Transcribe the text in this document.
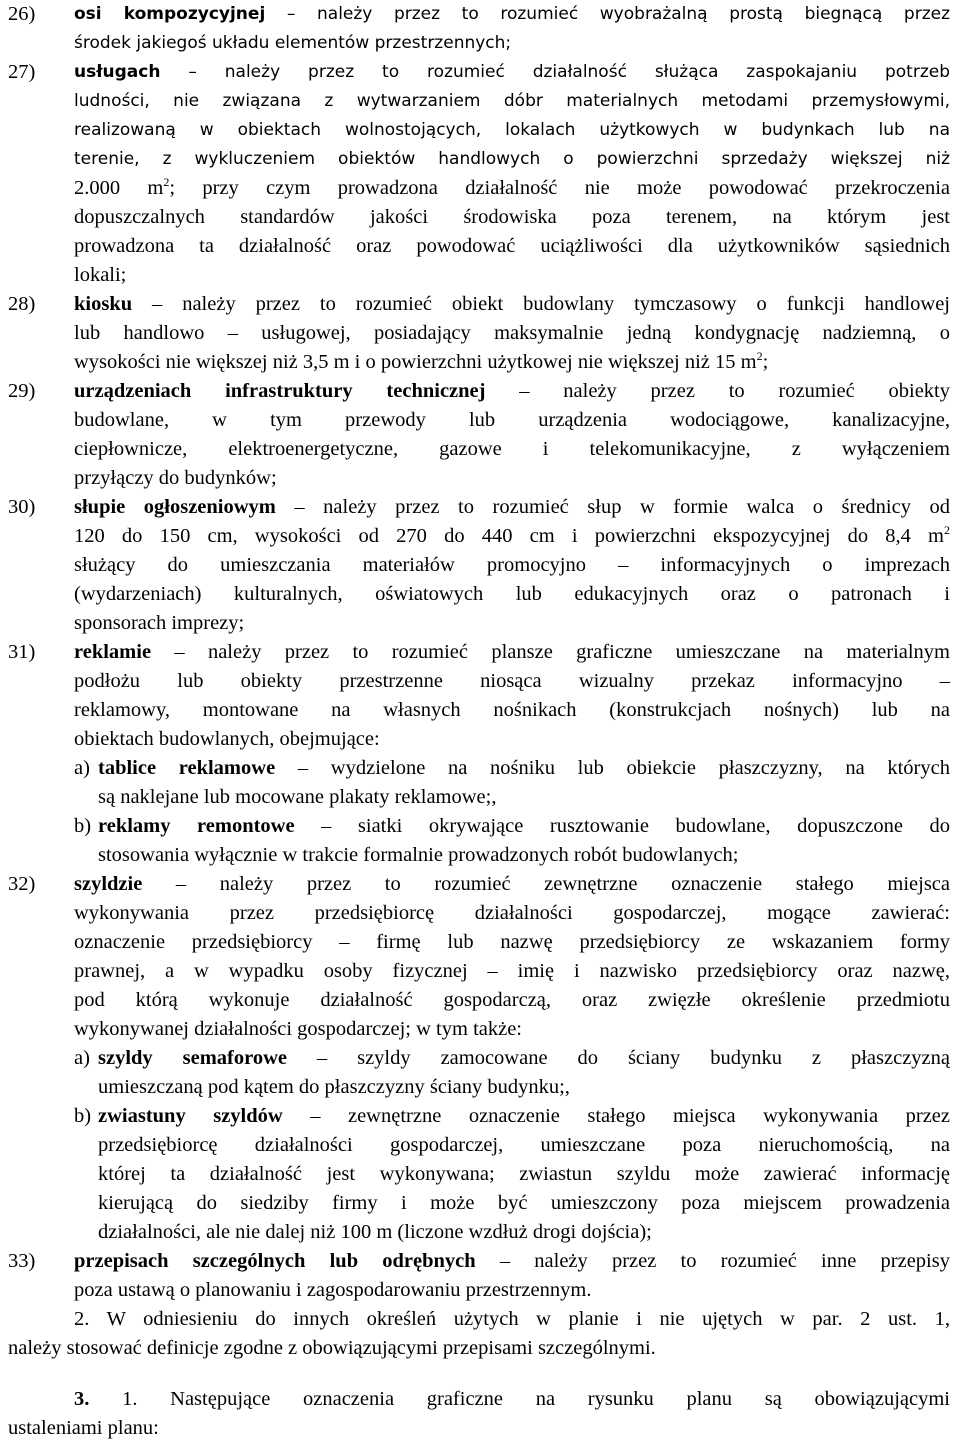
26) osi kompozycyjnej – należy przez to rozumieć wyobrażalną prostą biegnącą przez
środek jakiegoś układu elementów przestrzennych;
27) usługach – należy przez to rozumieć działalność służąca zaspokajaniu potrzeb
ludności, nie związana z wytwarzaniem dóbr materialnych metodami przemysłowymi,
realizowaną w obiektach wolnostojących, lokalach użytkowych w budynkach lub na
terenie, z wykluczeniem obiektów handlowych o powierzchni sprzedaży większej niż
2.000 $m^2$; przy czym prowadzona działalność nie może powodować przekroczenia
dopuszczalnych standardów jakości środowiska poza terenem, na którym jest
prowadzona ta działalność oraz powodować uciążliwości dla użytkowników sąsiednich
lokali;
28) kiosku – należy przez to rozumieć obiekt budowlany tymczasowy o funkcji handlowej
lub handlowo – usługowej, posiadający maksymalnie jedną kondygnację nadziemną, o
wysokości nie większej niż 3,5 m i o powierzchni użytkowej nie większej niż 15 $m^2$;
29) urządzeniach infrastruktury technicznej – należy przez to rozumieć obiekty
budowlane, w tym przewody lub urządzenia wodociągowe, kanalizacyjne,
ciepłownicze, elektroenergetyczne, gazowe i telekomunikacyjne, z wyłączeniem
przyłączy do budynków;
30) słupie ogłoszeniowym – należy przez to rozumieć słup w formie walca o średnicy od
120 do 150 cm, wysokości od 270 do 440 cm i powierzchni ekspozycyjnej do 8,4 $m^2$
służący do umieszczania materiałów promocyjno – informacyjnych o imprezach
(wydarzeniach) kulturalnych, oświatowych lub edukacyjnych oraz o patronach i
sponsorach imprezy;
31) reklamie – należy przez to rozumieć plansze graficzne umieszczane na materialnym
podłożu lub obiekty przestrzenne niosąca wizualny przekaz informacyjno –
reklamowy, montowane na własnych nośnikach (konstrukcjach nośnych) lub na
obiektach budowlanych, obejmujące:
a) tablice reklamowe – wydzielone na nośniku lub obiekcie płaszczyzny, na których
są naklejane lub mocowane plakaty reklamowe;,
b) reklamy remontowe – siatki okrywające rusztowanie budowlane, dopuszczone do
stosowania wyłącznie w trakcie formalnie prowadzonych robót budowlanych;
32) szyldzie – należy przez to rozumieć zewnętrzne oznaczenie stałego miejsca
wykonywania przez przedsiębiorcę działalności gospodarczej, mogące zawierać:
oznaczenie przedsiębiorcy – firmę lub nazwę przedsiębiorcy ze wskazaniem formy
prawnej, a w wypadku osoby fizycznej – imię i nazwisko przedsiębiorcy oraz nazwę,
pod którą wykonuje działalność gospodarczą, oraz zwięzłe określenie przedmiotu
wykonywanej działalności gospodarczej; w tym także:
a) szyldy semaforowe – szyldy zamocowane do ściany budynku z płaszczyzną
umieszczaną pod kątem do płaszczyzny ściany budynku;,
b) zwiastuny szyldów – zewnętrzne oznaczenie stałego miejsca wykonywania przez
przedsiębiorcę działalności gospodarczej, umieszczane poza nieruchomością, na
której ta działalność jest wykonywana; zwiastun szyldu może zawierać informację
kierującą do siedziby firmy i może być umieszczony poza miejscem prowadzenia
działalności, ale nie dalej niż 100 m (liczone wzdłuż drogi dojścia);
33) przepisach szczególnych lub odrębnych – należy przez to rozumieć inne przepisy
poza ustawą o planowaniu i zagospodarowaniu przestrzennym.
2. W odniesieniu do innych określeń użytych w planie i nie ujętych w par. 2 ust. 1,
należy stosować definicje zgodne z obowiązującymi przepisami szczególnymi.
3. 1. Następujące oznaczenia graficzne na rysunku planu są obowiązującymi
ustaleniami planu:
